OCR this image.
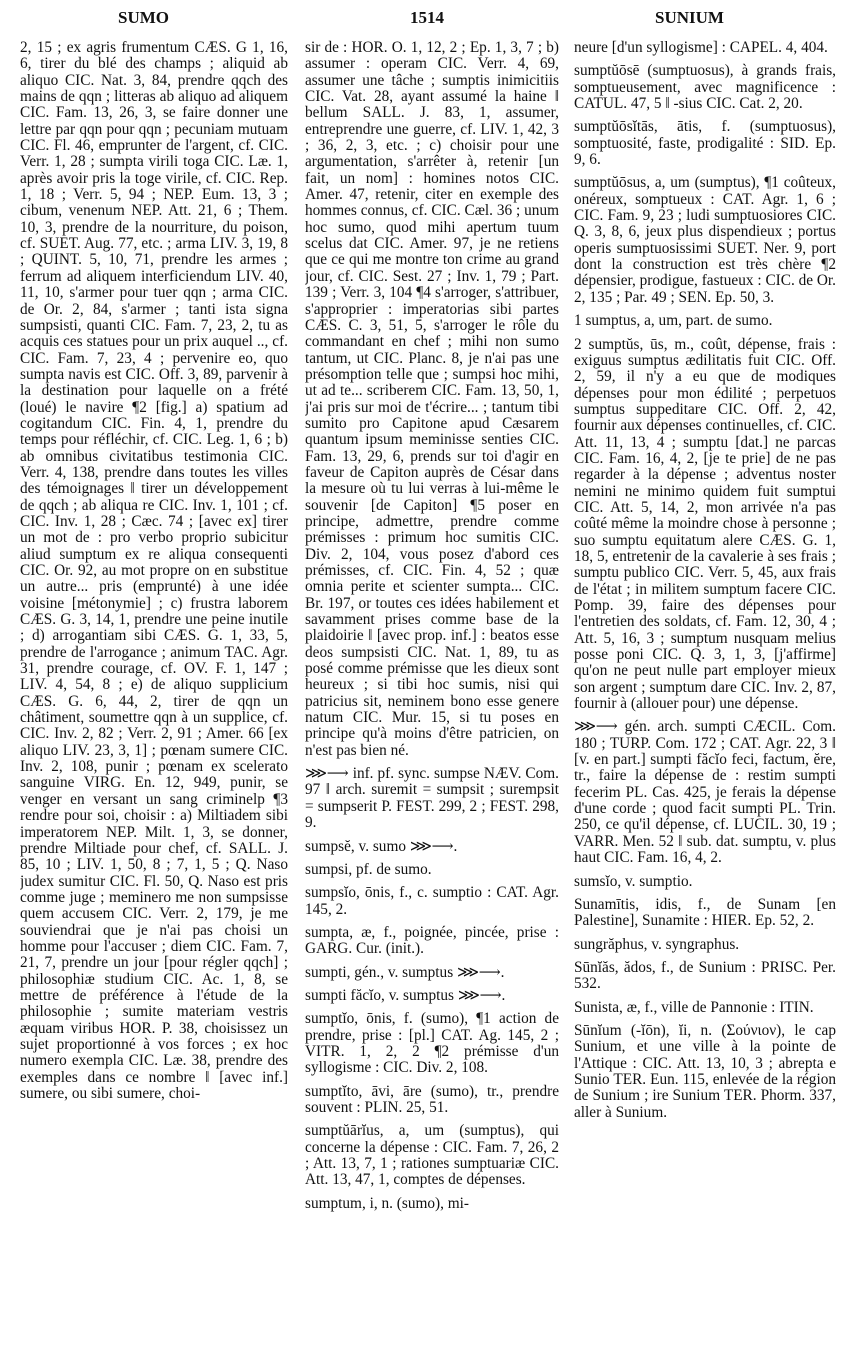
SUMO	1514	SUNIUM

2, 15 ; ex agris frumentum CÆS. G 1, 16, 6, tirer du blé des champs ; aliquid ab aliquo CIC. Nat. 3, 84, prendre qqch des mains de qqn ; litteras ab aliquo ad aliquem CIC. Fam. 13, 26, 3, se faire donner une lettre par qqn pour qqn ; pecuniam mutuam CIC. Fl. 46, emprunter de l'argent, cf. CIC. Verr. 1, 28 ; sumpta virili toga CIC. Læ. 1, après avoir pris la toge virile, cf. CIC. Rep. 1, 18 ; Verr. 5, 94 ; NEP. Eum. 13, 3 ; cibum, venenum NEP. Att. 21, 6 ; Them. 10, 3, prendre de la nourriture, du poison, cf. SUET. Aug. 77, etc. ; arma LIV. 3, 19, 8 ; QUINT. 5, 10, 71, prendre les armes ; ferrum ad aliquem interficiendum LIV. 40, 11, 10, s'armer pour tuer qqn ; arma CIC. de Or. 2, 84, s'armer ; tanti ista signa sumpsisti, quanti CIC. Fam. 7, 23, 2, tu as acquis ces statues pour un prix auquel .., cf. CIC. Fam. 7, 23, 4 ; pervenire eo, quo sumpta navis est CIC. Off. 3, 89, parvenir à la destination pour laquelle on a frété (loué) le navire ¶2 [fig.] a) spatium ad cogitandum CIC. Fin. 4, 1, prendre du temps pour réfléchir, cf. CIC. Leg. 1, 6 ; b) ab omnibus civitatibus testimonia CIC. Verr. 4, 138, prendre dans toutes les villes des témoignages ‖ tirer un développement de qqch ; ab aliqua re CIC. Inv. 1, 101 ; cf. CIC. Inv. 1, 28 ; Cæc. 74 ; [avec ex] tirer un mot de : pro verbo proprio subicitur aliud sumptum ex re aliqua consequenti CIC. Or. 92, au mot propre on en substitue un autre... pris (emprunté) à une idée voisine [métonymie] ; c) frustra laborem CÆS. G. 3, 14, 1, prendre une peine inutile ; d) arrogantiam sibi CÆS. G. 1, 33, 5, prendre de l'arrogance ; animum TAC. Agr. 31, prendre courage, cf. OV. F. 1, 147 ; LIV. 4, 54, 8 ; e) de aliquo supplicium CÆS. G. 6, 44, 2, tirer de qqn un châtiment, soumettre qqn à un supplice, cf. CIC. Inv. 2, 82 ; Verr. 2, 91 ; Amer. 66 [ex aliquo LIV. 23, 3, 1] ; pœnam sumere CIC. Inv. 2, 108, punir ; pœnam ex scelerato sanguine VIRG. En. 12, 949, punir, se venger en versant un sang criminelp ¶3 rendre pour soi, choisir : a) Miltiadem sibi imperatorem NEP. Milt. 1, 3, se donner, prendre Miltiade pour chef, cf. SALL. J. 85, 10 ; LIV. 1, 50, 8 ; 7, 1, 5 ; Q. Naso judex sumitur CIC. Fl. 50, Q. Naso est pris comme juge ; meminero me non sumpsisse quem accusem CIC. Verr. 2, 179, je me souviendrai que je n'ai pas choisi un homme pour l'accuser ; diem CIC. Fam. 7, 21, 7, prendre un jour [pour régler qqch] ; philosophiæ studium CIC. Ac. 1, 8, se mettre de préférence à l'étude de la philosophie ; sumite materiam vestris æquam viribus HOR. P. 38, choisissez un sujet proportionné à vos forces ; ex hoc numero exempla CIC. Læ. 38, prendre des exemples dans ce nombre ‖ [avec inf.] sumere, ou sibi sumere, choi-

sir de : HOR. O. 1, 12, 2 ; Ep. 1, 3, 7 ; b) assumer : operam CIC. Verr. 4, 69, assumer une tâche ; sumptis inimicitiis CIC. Vat. 28, ayant assumé la haine ‖ bellum SALL. J. 83, 1, assumer, entreprendre une guerre, cf. LIV. 1, 42, 3 ; 36, 2, 3, etc. ; c) choisir pour une argumentation, s'arrêter à, retenir [un fait, un nom] : homines notos CIC. Amer. 47, retenir, citer en exemple des hommes connus, cf. CIC. Cæl. 36 ; unum hoc sumo, quod mihi apertum tuum scelus dat CIC. Amer. 97, je ne retiens que ce qui me montre ton crime au grand jour, cf. CIC. Sest. 27 ; Inv. 1, 79 ; Part. 139 ; Verr. 3, 104 ¶4 s'arroger, s'attribuer, s'approprier : imperatorias sibi partes CÆS. C. 3, 51, 5, s'arroger le rôle du commandant en chef ; mihi non sumo tantum, ut CIC. Planc. 8, je n'ai pas une présomption telle que ; sumpsi hoc mihi, ut ad te... scriberem CIC. Fam. 13, 50, 1, j'ai pris sur moi de t'écrire... ; tantum tibi sumito pro Capitone apud Cæsarem quantum ipsum meminisse senties CIC. Fam. 13, 29, 6, prends sur toi d'agir en faveur de Capiton auprès de César dans la mesure où tu lui verras à lui-même le souvenir [de Capiton] ¶5 poser en principe, admettre, prendre comme prémisses : primum hoc sumitis CIC. Div. 2, 104, vous posez d'abord ces prémisses, cf. CIC. Fin. 4, 52 ; quæ omnia perite et scienter sumpta... CIC. Br. 197, or toutes ces idées habilement et savamment prises comme base de la plaidoirie ‖ [avec prop. inf.] : beatos esse deos sumpsisti CIC. Nat. 1, 89, tu as posé comme prémisse que les dieux sont heureux ; si tibi hoc sumis, nisi qui patricius sit, neminem bono esse genere natum CIC. Mur. 15, si tu poses en principe qu'à moins d'être patricien, on n'est pas bien né.

⋙⟶ inf. pf. sync. sumpse NÆV. Com. 97 ‖ arch. suremit = sumpsit ; surempsit = sumpserit P. FEST. 299, 2 ; FEST. 298, 9.

sumpsĕ, v. sumo ⋙⟶.

sumpsi, pf. de sumo.

sumpsĭo, ōnis, f., c. sumptio : CAT. Agr. 145, 2.

sumpta, æ, f., poignée, pincée, prise : GARG. Cur. (init.).

sumpti, gén., v. sumptus ⋙⟶.

sumpti făcĭo, v. sumptus ⋙⟶.

sumptĭo, ōnis, f. (sumo), ¶1 action de prendre, prise : [pl.] CAT. Ag. 145, 2 ; VITR. 1, 2, 2 ¶2 prémisse d'un syllogisme : CIC. Div. 2, 108.

sumptĭto, āvi, āre (sumo), tr., prendre souvent : PLIN. 25, 51.

sumptŭārĭus, a, um (sumptus), qui concerne la dépense : CIC. Fam. 7, 26, 2 ; Att. 13, 7, 1 ; rationes sumptuariæ CIC. Att. 13, 47, 1, comptes de dépenses.

sumptum, i, n. (sumo), mi-

neure [d'un syllogisme] : CAPEL. 4, 404.

sumptŭōsē (sumptuosus), à grands frais, somptueusement, avec magnificence : CATUL. 47, 5 ‖ -sius CIC. Cat. 2, 20.

sumptŭōsĭtās, ātis, f. (sumptuosus), somptuosité, faste, prodigalité : SID. Ep. 9, 6.

sumptŭōsus, a, um (sumptus), ¶1 coûteux, onéreux, somptueux : CAT. Agr. 1, 6 ; CIC. Fam. 9, 23 ; ludi sumptuosiores CIC. Q. 3, 8, 6, jeux plus dispendieux ; portus operis sumptuosissimi SUET. Ner. 9, port dont la construction est très chère ¶2 dépensier, prodigue, fastueux : CIC. de Or. 2, 135 ; Par. 49 ; SEN. Ep. 50, 3.

1 sumptus, a, um, part. de sumo.

2 sumptŭs, ūs, m., coût, dépense, frais : exiguus sumptus ædilitatis fuit CIC. Off. 2, 59, il n'y a eu que de modiques dépenses pour mon édilité ; perpetuos sumptus suppeditare CIC. Off. 2, 42, fournir aux dépenses continuelles, cf. CIC. Att. 11, 13, 4 ; sumptu [dat.] ne parcas CIC. Fam. 16, 4, 2, [je te prie] de ne pas regarder à la dépense ; adventus noster nemini ne minimo quidem fuit sumptui CIC. Att. 5, 14, 2, mon arrivée n'a pas coûté même la moindre chose à personne ; suo sumptu equitatum alere CÆS. G. 1, 18, 5, entretenir de la cavalerie à ses frais ; sumptu publico CIC. Verr. 5, 45, aux frais de l'état ; in militem sumptum facere CIC. Pomp. 39, faire des dépenses pour l'entretien des soldats, cf. Fam. 12, 30, 4 ; Att. 5, 16, 3 ; sumptum nusquam melius posse poni CIC. Q. 3, 1, 3, [j'affirme] qu'on ne peut nulle part employer mieux son argent ; sumptum dare CIC. Inv. 2, 87, fournir à (allouer pour) une dépense.

⋙⟶ gén. arch. sumpti CÆCIL. Com. 180 ; TURP. Com. 172 ; CAT. Agr. 22, 3 ‖ [v. en part.] sumpti făcĭo feci, factum, ĕre, tr., faire la dépense de : restim sumpti fecerim PL. Cas. 425, je ferais la dépense d'une corde ; quod facit sumpti PL. Trin. 250, ce qu'il dépense, cf. LUCIL. 30, 19 ; VARR. Men. 52 ‖ sub. dat. sumptu, v. plus haut CIC. Fam. 16, 4, 2.

sumsĭo, v. sumptio.

Sunamītis, idis, f., de Sunam [en Palestine], Sunamite : HIER. Ep. 52, 2.

sungrăphus, v. syngraphus.

Sūnĭăs, ădos, f., de Sunium : PRISC. Per. 532.

Sunista, æ, f., ville de Pannonie : ITIN.

Sūnĭum (-ĭōn), ĭi, n. (Σούνιον), le cap Sunium, et une ville à la pointe de l'Attique : CIC. Att. 13, 10, 3 ; abrepta e Sunio TER. Eun. 115, enlevée de la région de Sunium ; ire Sunium TER. Phorm. 337, aller à Sunium.
